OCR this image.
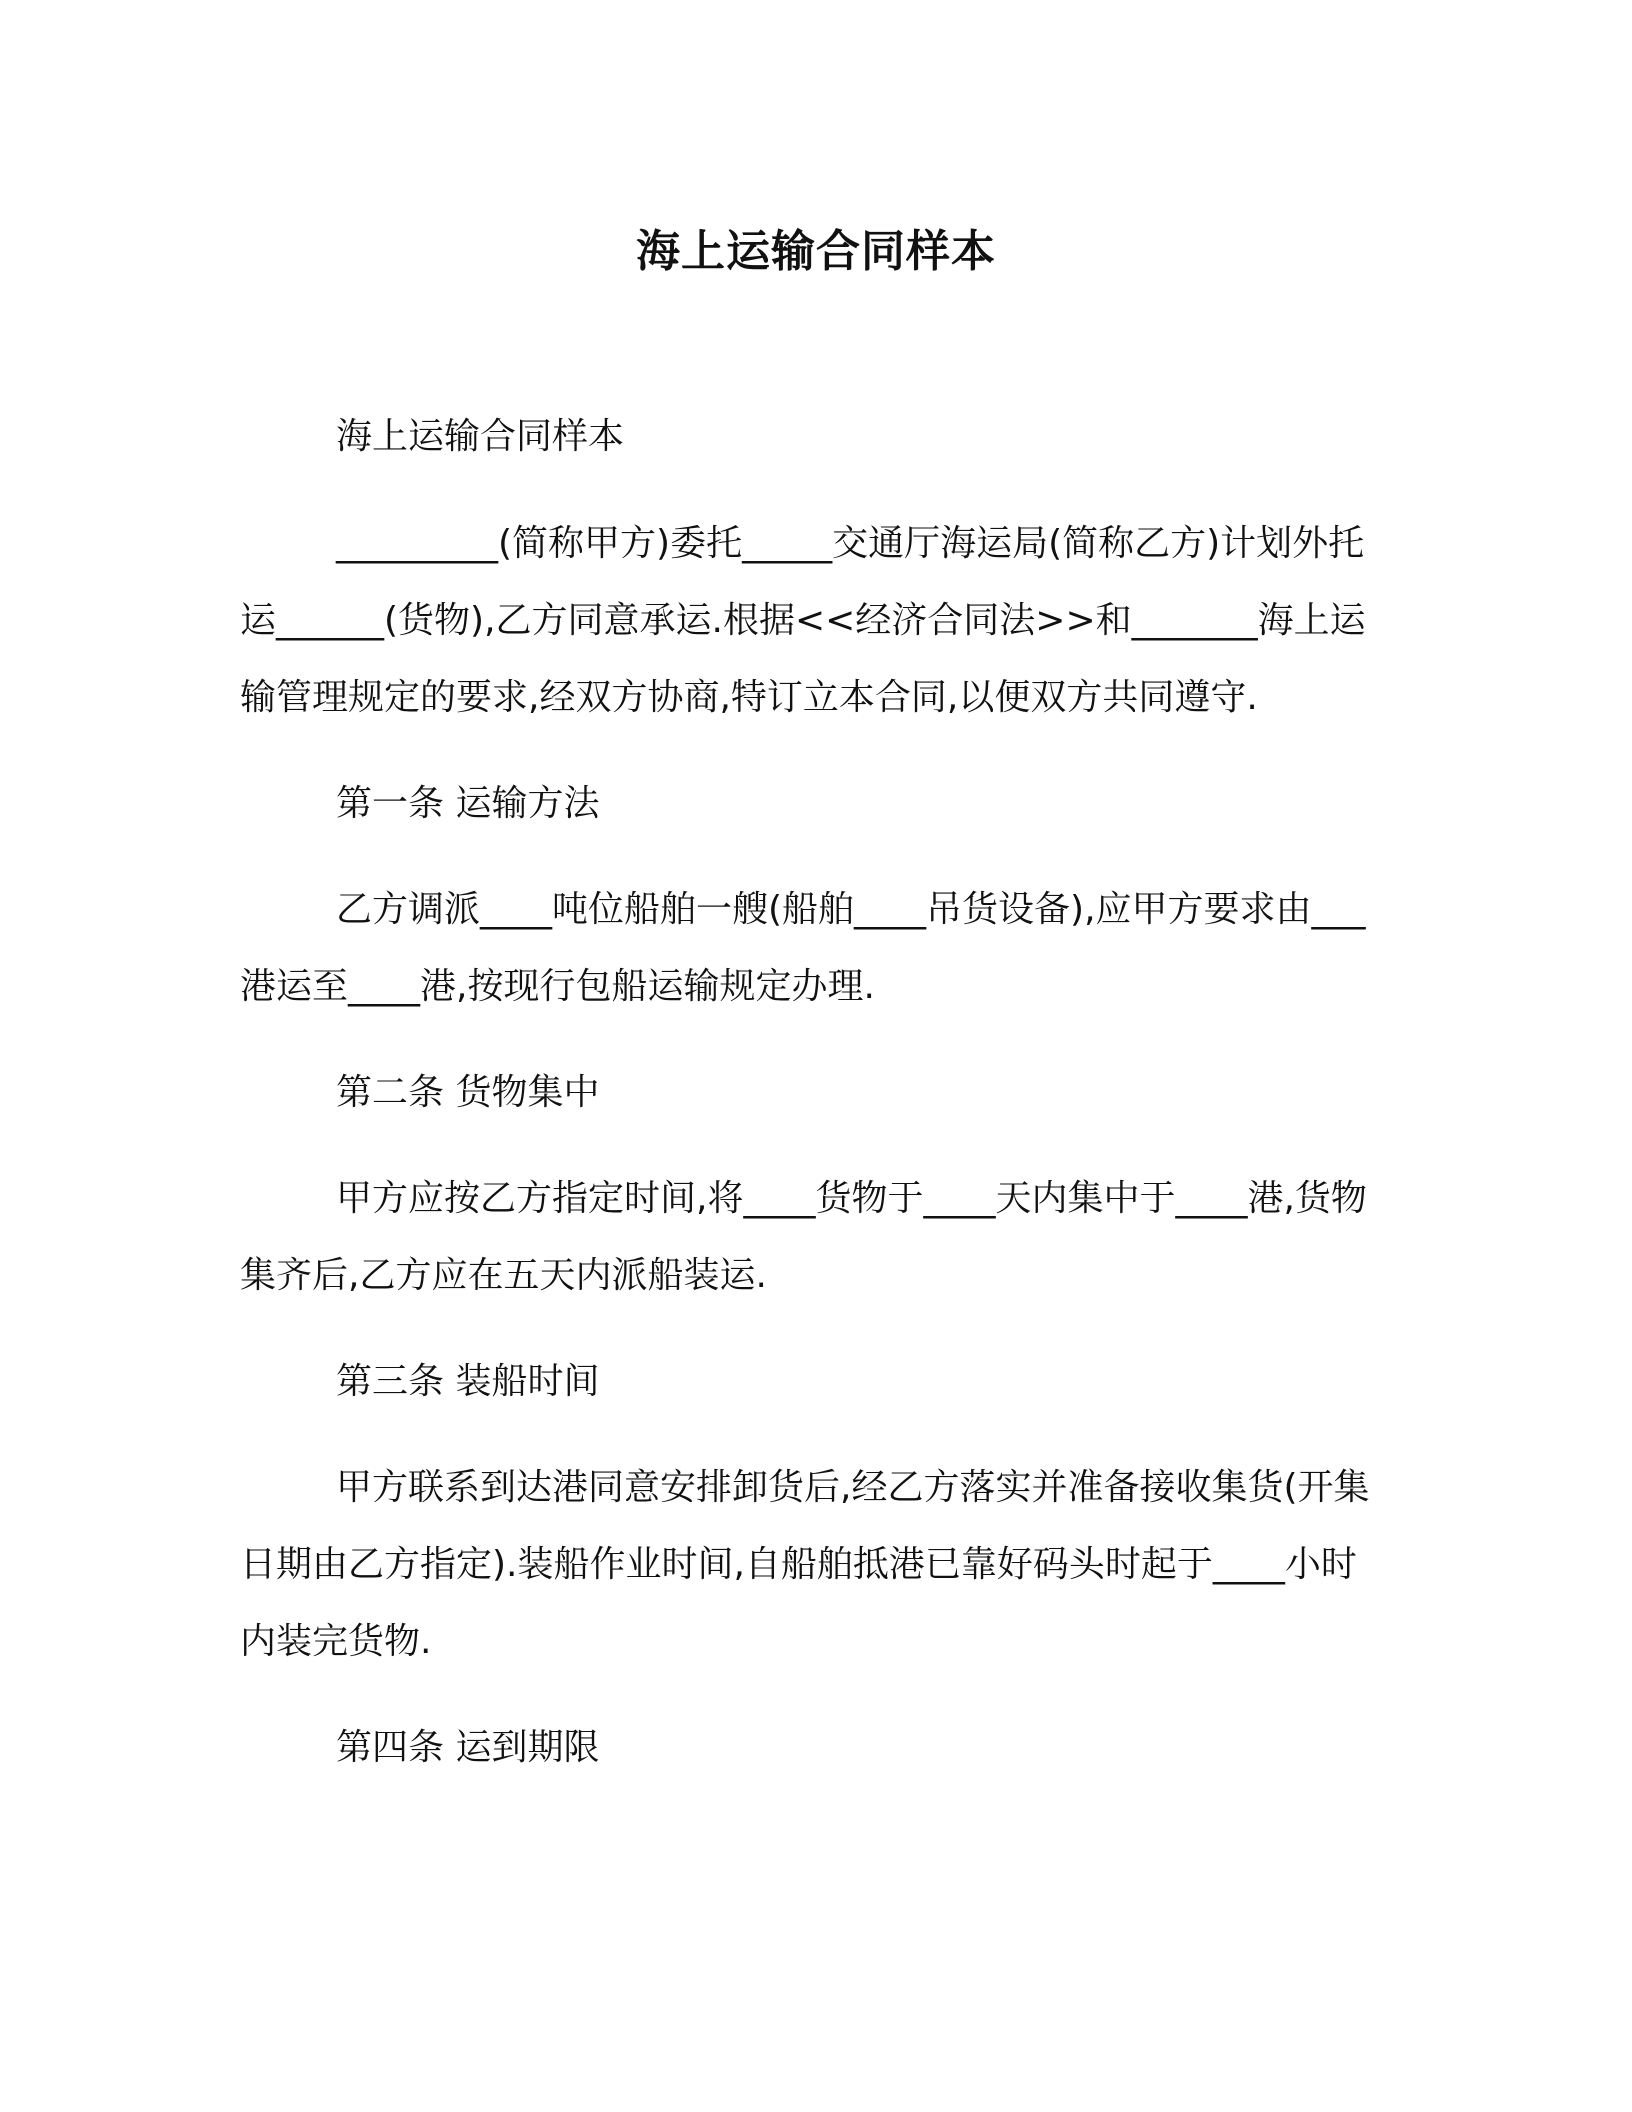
海上运输合同样本

海上运输合同样本

_________(简称甲方)委托_____交通厅海运局(简称乙方)计划外托运______(货物),乙方同意承运.根据<<经济合同法>>和_______海上运输管理规定的要求,经双方协商,特订立本合同,以便双方共同遵守.

第一条 运输方法

乙方调派____吨位船舶一艘(船舶____吊货设备),应甲方要求由___港运至____港,按现行包船运输规定办理.

第二条 货物集中

甲方应按乙方指定时间,将____货物于____天内集中于____港,货物集齐后,乙方应在五天内派船装运.

第三条 装船时间

甲方联系到达港同意安排卸货后,经乙方落实并准备接收集货(开集日期由乙方指定).装船作业时间,自船舶抵港已靠好码头时起于____小时内装完货物.

第四条 运到期限
